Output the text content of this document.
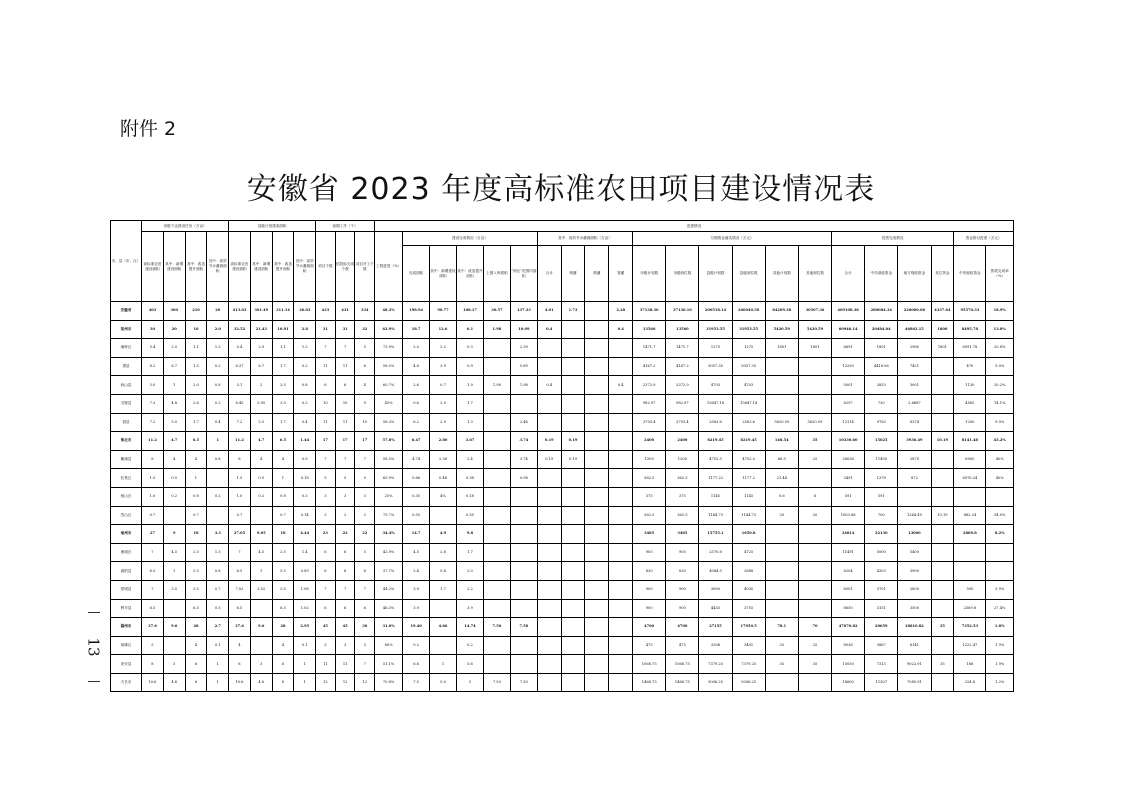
附件 2
安徽省 2023 年度高标准农田项目建设情况表
13
市、县（市、区）	省级下达建设任务（万亩）				县级计划建成面积				前期工作（个）			进度情况																					
	高标准农田建设面积	其中：新增建设面积	其中：改造提升面积	其中：高效节水灌溉面积	高标准农田建设面积	其中：新增建设面积	其中：改造提升面积	其中：高效节水灌溉面积	项目个数	招投标完成个数	项目开工个数	工程进度（%）	建设完成情况（万亩）					其中：高效节水灌溉面积（万亩）				分期资金落实情况（万元）						投资完成情况				资金拨付进度（万元）	
													完成面积	其中：新增建设面积	其中：改造提升面积	上图入库面积	“两区”范围内面积	合计	喷灌	微灌	管灌	市级计划数	市级到位数	县级计划数	县级到位数	其他计划数	其他到位数	合计	中央财政资金	地方财政资金	其它资金	中央财政资金	拨款完成率（%）
安徽省	403	300	210	20	413.83	301.49	311.14	36.83	433	431	334	48.3%	198.94	90.77	108.17	30.57	137.33	4.01	1.73		2.28	37138.30	37130.10	200518.14	200040.50	84209.38	30507.36	409108.38	280084.34	220000.08	4337.64	95570.33	18.9%
宿州市	30	20	10	2.0	32.52	21.43	10.91	2.8	31	31	32	62.9%	18.7	12.6	6.1	1.98	10.09	0.4			0.4	13560	13560	31953.55	31953.55	5420.59	5420.59	60946.14	20484.04	46862.15	1800	8495.78	13.8%
埇桥区	5.4	2.5	1.1	1.2	5.4	2.9	1.1	1.2	7	7	5	73.9%	2.5	2.2	0.3		2.39					1471.7	1471.7	1275	1275	1801	1801	6691	1801	2980	1801	6991.78	20.8%
萧县	8.2	6.7	1.5	0.2	8.37	6.7	1.7	0.2	11	11	6	58.5%	4.8	3.9	0.9		5.89					4167.2	4167.2	5057.35	5057.35			12250	4418.06	7421		470	5.0%
砀山县	3.0	1	2.0	0.8	3.1	2	3.5	0.8	6	6	4	60.7%	2.6	0.7	1.9	1.98	1.98	0.4			0.4	2372.9	2372.9	4703	4703			5001	2853	3001		1130	20.2%
灵璧县	7.3	4.8	2.6	0.2	8.45	5.95	3.0	0.2	10	10	9	43%	0.6	2.9	1.7							982.97	982.97	15647.18	15647.18			8297	730	2.6687		4565	14.1%
泗县	7.2	5.5	1.7	0.4	7.2	5.5	1.7	0.4	11	11	10	58.3%	6.2	2.9	1.3		2.46					3793.4	3793.4	2583.6	2583.6	5620.59	5620.59	12114	9783	8374		1200	9.9%
淮北市	11.2	4.7	6.5	1	11.2	4.7	6.5	1.44	17	17	17	57.8%	6.47	2.80	3.67		3.74	0.19	0.19			2400	2400	8219.45	8219.45	148.54	35	10330.60	15025	3936.49	10.19	8141.48	45.2%
濉溪县	8	4	4	0.8	8	4	4	0.9	7	7	7	58.5%	4.74	2.36	2.4		3.74	0.19	0.19			1200	1200	4752.5	4752.5	66.5	25	28036	11490	2870		6000	40%
杜集区	1.5	0.5	1		1.5	0.5	1	0.18	5	5	5	65.9%	0.86	0.46	0.38		0.98					362.5	362.5	1177.22	1177.2	21.44		3491	1378	872		6976.24	40%
相山区	1.0	0.2	0.8	0.2	1.0	0.2	0.8	0.3	3	3	3	25%	0.35	4%	0.18							375	375	1145	1145	0.6	6	591	591				
烈山区	0.7		0.7		0.7		0.7	0.14	2	2	2	75.7%	0.55		0.55							362.5	362.5	1144.73	1144.73	20	20	1003.68	700	1264.49	10.19	882.24	54.0%
亳州市	27	9	18	3.3	27.05	9.05	18	4.44	23	22	22	34.4%	14.7	4.9	9.8							3485	3485	15755.1	1650.8			34814	22130	13000		2869.8	8.2%
谯城区	7	4.5	2.5	1.3	7	4.5	2.5	1.4	6	6	5	42.9%	4.5	2.8	1.7							905	905	2570.8	4725			11491	5000	5400			
涡阳县	6.5	1	5.5	0.8	6.5	1	5.5	0.89	6	6	6	37.7%	2.4	0.4	2.0							830	830	4084.5	3888			8204	4303	3900			
蒙城县	7	3.5	3.5	0.7	7.02	3.52	3.5	1.08	7	7	7	44.2%	3.9	1.7	2.2							900	900	3600	4030			8501	3701	2800		500	5.9%
利辛县	6.5		6.5	0.5	6.5		6.5	1.02	6	6	6	46.3%	3.9		3.9							900	900	4455	3755			8650	3151	3500		2369.8	27.4%
滁州市	37.6	9.6	28	2.7	37.6	9.6	28	2.95	45	45	30	31.0%	19.40	4.66	14.74	7.50	7.50					4700	4700	27155	17950.5	78.1	70	47670.82	20659	18810.82	35	7352.53	1.8%
琅琊区	5		4	0.1	4		4	0.1	3	3	3	80%	0.2		0.2							475	475	3308	3401	25	25	8038	3867	6141		1222.47	1.9%
来安县	8	3	6	1	8	3	6	1	11	11	7	51.1%	6.6	1	5.6							1068.75	1068.75	7379.25	7379.25	35	35	15050	7313	9022.91	35	168	1.9%
天长市	10.6	4.6	6	1	10.6	4.6	6	1	12	12	12	70.8%	7.5	5.0	5	7.50	7.50					1468.75	1468.75	5006.25	5006.25			18600	11307	7085.91		224.8	1.2%
